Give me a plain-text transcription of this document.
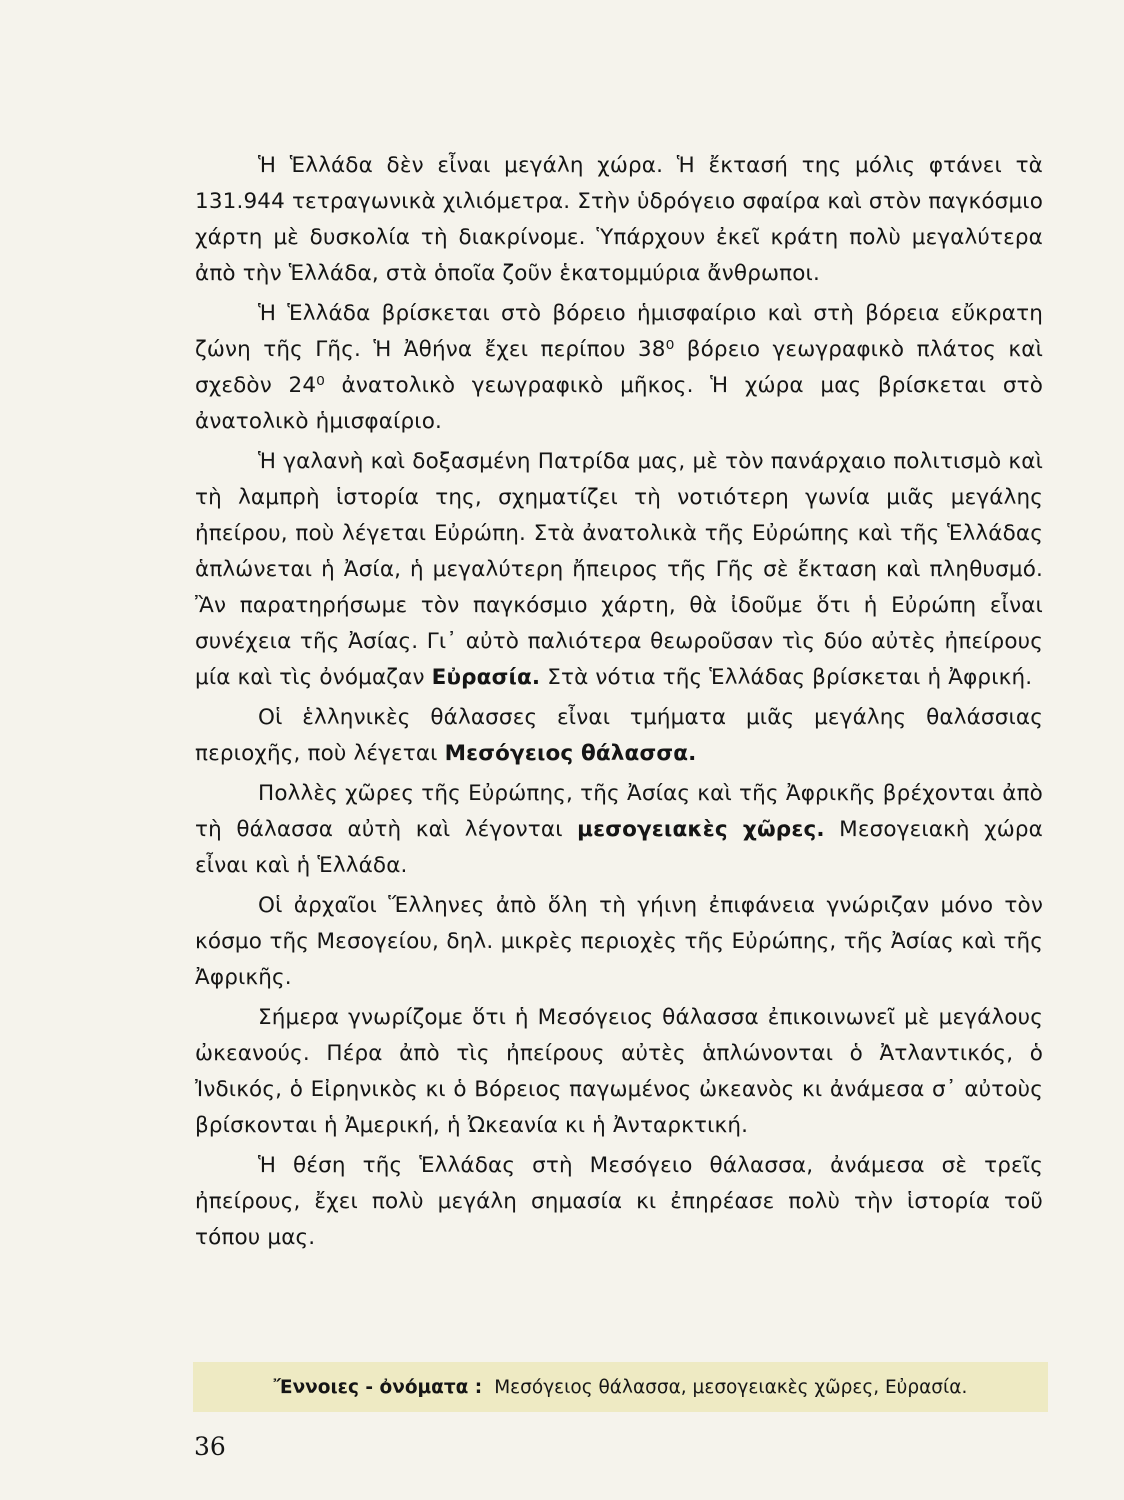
Ἡ Ἑλλάδα δὲν εἶναι μεγάλη χώρα. Ἡ ἔκτασή της μόλις φτάνει τὰ 131.944 τετραγωνικὰ χιλιόμετρα. Στὴν ὑδρόγειο σφαίρα καὶ στὸν παγκόσμιο χάρτη μὲ δυσκολία τὴ διακρίνομε. Ὑπάρχουν ἐκεῖ κράτη πολὺ μεγαλύτερα ἀπὸ τὴν Ἑλλάδα, στὰ ὁποῖα ζοῦν ἑκατομμύρια ἄνθρωποι.

Ἡ Ἑλλάδα βρίσκεται στὸ βόρειο ἡμισφαίριο καὶ στὴ βόρεια εὔκρατη ζώνη τῆς Γῆς. Ἡ Ἀθήνα ἔχει περίπου 38⁰ βόρειο γεωγραφικὸ πλάτος καὶ σχεδὸν 24⁰ ἀνατολικὸ γεωγραφικὸ μῆκος. Ἡ χώρα μας βρίσκεται στὸ ἀνατολικὸ ἡμισφαίριο.

Ἡ γαλανὴ καὶ δοξασμένη Πατρίδα μας, μὲ τὸν πανάρχαιο πολιτισμὸ καὶ τὴ λαμπρὴ ἱστορία της, σχηματίζει τὴ νοτιότερη γωνία μιᾶς μεγάλης ἠπείρου, ποὺ λέγεται Εὐρώπη. Στὰ ἀνατολικὰ τῆς Εὐρώπης καὶ τῆς Ἑλλάδας ἁπλώνεται ἡ Ἀσία, ἡ μεγαλύτερη ἤπειρος τῆς Γῆς σὲ ἔκταση καὶ πληθυσμό. Ἂν παρατηρήσωμε τὸν παγκόσμιο χάρτη, θὰ ἰδοῦμε ὅτι ἡ Εὐρώπη εἶναι συνέχεια τῆς Ἀσίας. Γι᾿ αὐτὸ παλιότερα θεωροῦσαν τὶς δύο αὐτὲς ἠπείρους μία καὶ τὶς ὀνόμαζαν Εὐρασία. Στὰ νότια τῆς Ἑλλάδας βρίσκεται ἡ Ἀφρική.

Οἱ ἑλληνικὲς θάλασσες εἶναι τμήματα μιᾶς μεγάλης θαλάσσιας περιοχῆς, ποὺ λέγεται Μεσόγειος θάλασσα.

Πολλὲς χῶρες τῆς Εὐρώπης, τῆς Ἀσίας καὶ τῆς Ἀφρικῆς βρέχονται ἀπὸ τὴ θάλασσα αὐτὴ καὶ λέγονται μεσογειακὲς χῶρες. Μεσογειακὴ χώρα εἶναι καὶ ἡ Ἑλλάδα.

Οἱ ἀρχαῖοι Ἕλληνες ἀπὸ ὅλη τὴ γήινη ἐπιφάνεια γνώριζαν μόνο τὸν κόσμο τῆς Μεσογείου, δηλ. μικρὲς περιοχὲς τῆς Εὐρώπης, τῆς Ἀσίας καὶ τῆς Ἀφρικῆς.

Σήμερα γνωρίζομε ὅτι ἡ Μεσόγειος θάλασσα ἐπικοινωνεῖ μὲ μεγάλους ὠκεανούς. Πέρα ἀπὸ τὶς ἠπείρους αὐτὲς ἁπλώνονται ὁ Ἀτλαντικός, ὁ Ἰνδικός, ὁ Εἰρηνικὸς κι ὁ Βόρειος παγωμένος ὠκεανὸς κι ἀνάμεσα σ᾿ αὐτοὺς βρίσκονται ἡ Ἀμερική, ἡ Ὠκεανία κι ἡ Ἀνταρκτική.

Ἡ θέση τῆς Ἑλλάδας στὴ Μεσόγειο θάλασσα, ἀνάμεσα σὲ τρεῖς ἠπείρους, ἔχει πολὺ μεγάλη σημασία κι ἐπηρέασε πολὺ τὴν ἱστορία τοῦ τόπου μας.

Ἔννοιες - ὀνόματα : Μεσόγειος θάλασσα, μεσογειακὲς χῶρες, Εὐρασία.
36
